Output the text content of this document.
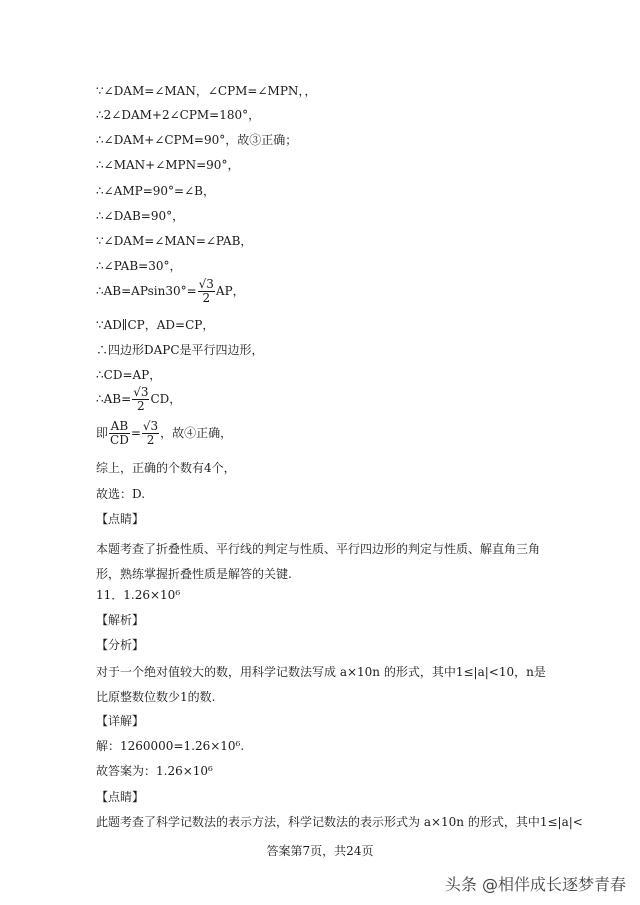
∵∠DAM=∠MAN，∠CPM=∠MPN，，
∴2∠DAM+2∠CPM=180°，
∴∠DAM+∠CPM=90°，故③正确；
∴∠MAN+∠MPN=90°，
∴∠AMP=90°=∠B，
∴∠DAB=90°，
∵∠DAM=∠MAN=∠PAB，
∴∠PAB=30°，
∴AB=APsin30°= $\frac{√3}{2}$ AP，
∵AD∥CP，AD=CP，
∴四边形DAPC是平行四边形，
∴CD=AP，
∴AB= $\frac{√3}{2}$ CD，
即 $\frac{AB}{CD} = \frac{√3}{2}$ ，故④正确，
综上，正确的个数有4个，
故选：D.
【点睛】
本题考查了折叠性质、平行线的判定与性质、平行四边形的判定与性质、解直角三角形，熟练掌握折叠性质是解答的关键.
11．1.26×10⁶
【解析】
【分析】
对于一个绝对值较大的数，用科学记数法写成 a×10n 的形式，其中1≤|a|<10，n是比原整数位数少1的数.
【详解】
解：1260000=1.26×10⁶.
故答案为：1.26×10⁶
【点睛】
此题考查了科学记数法的表示方法，科学记数法的表示形式为 a×10n 的形式，其中1≤|a|<
答案第7页，共24页
头条 @相伴成长逐梦青春
